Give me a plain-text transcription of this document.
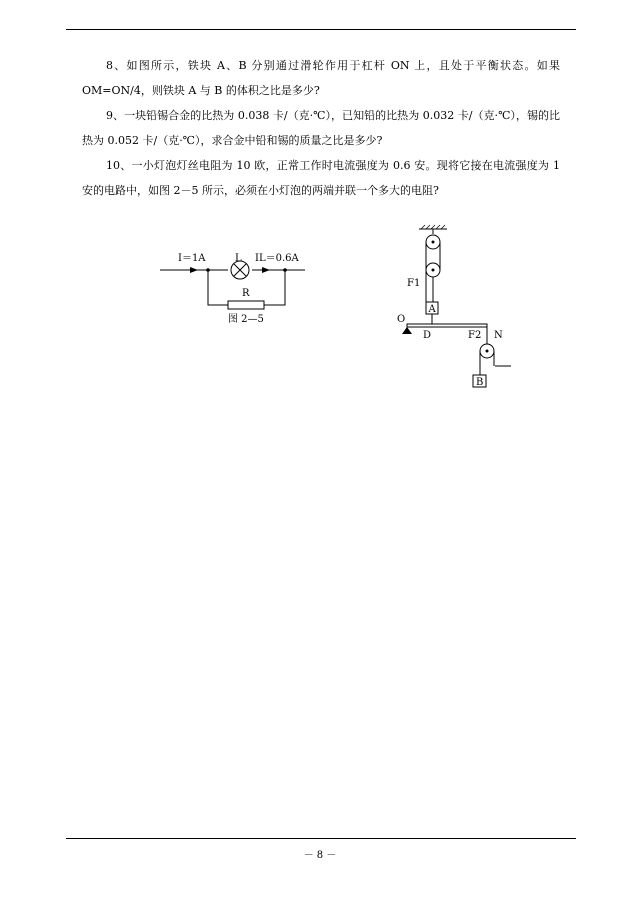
8、如图所示，铁块 A、B 分别通过滑轮作用于杠杆 ON 上，且处于平衡状态。如果 OM=ON/4，则铁块 A 与 B 的体积之比是多少?

9、一块铅锡合金的比热为 0.038 卡/（克·℃），已知铅的比热为 0.032 卡/（克·℃），锡的比热为 0.052 卡/（克·℃），求合金中铅和锡的质量之比是多少?

10、一小灯泡灯丝电阻为 10 欧，正常工作时电流强度为 0.6 安。现将它接在电流强度为 1 安的电路中，如图 2－5 所示，必须在小灯泡的两端并联一个多大的电阻?

I＝1A	L IL＝0.6A
R
图 2—5
A
F1
O
D	N
F2
B
－ 8 －
